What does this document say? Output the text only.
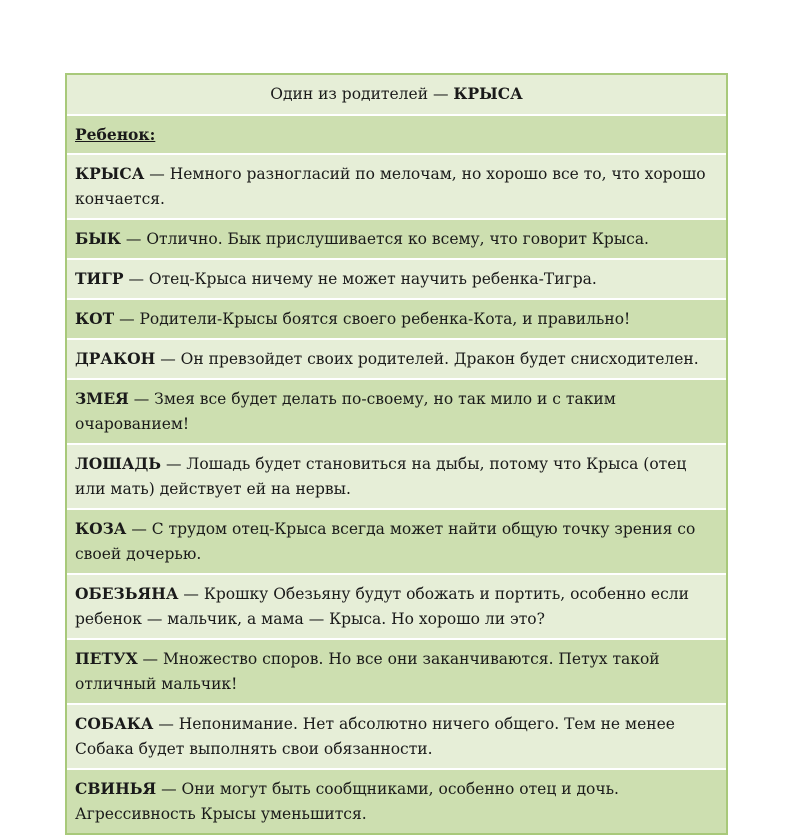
Один из родителей — КРЫСА
Ребенок:
КРЫСА — Немного разногласий по мелочам, но хорошо все то, что хорошо кончается.
БЫК — Отлично. Бык прислушивается ко всему, что говорит Крыса.
ТИГР — Отец-Крыса ничему не может научить ребенка-Тигра.
КОТ — Родители-Крысы боятся своего ребенка-Кота, и правильно!
ДРАКОН — Он превзойдет своих родителей. Дракон будет снисходителен.
ЗМЕЯ — Змея все будет делать по-своему, но так мило и с таким очарованием!
ЛОШАДЬ — Лошадь будет становиться на дыбы, потому что Крыса (отец или мать) действует ей на нервы.
КОЗА — С трудом отец-Крыса всегда может найти общую точку зрения со своей дочерью.
ОБЕЗЬЯНА — Крошку Обезьяну будут обожать и портить, особенно если ребенок — мальчик, а мама — Крыса. Но хорошо ли это?
ПЕТУХ — Множество споров. Но все они заканчиваются. Петух такой отличный мальчик!
СОБАКА — Непонимание. Нет абсолютно ничего общего. Тем не менее Собака будет выполнять свои обязанности.
СВИНЬЯ — Они могут быть сообщниками, особенно отец и дочь. Агрессивность Крысы уменьшится.
